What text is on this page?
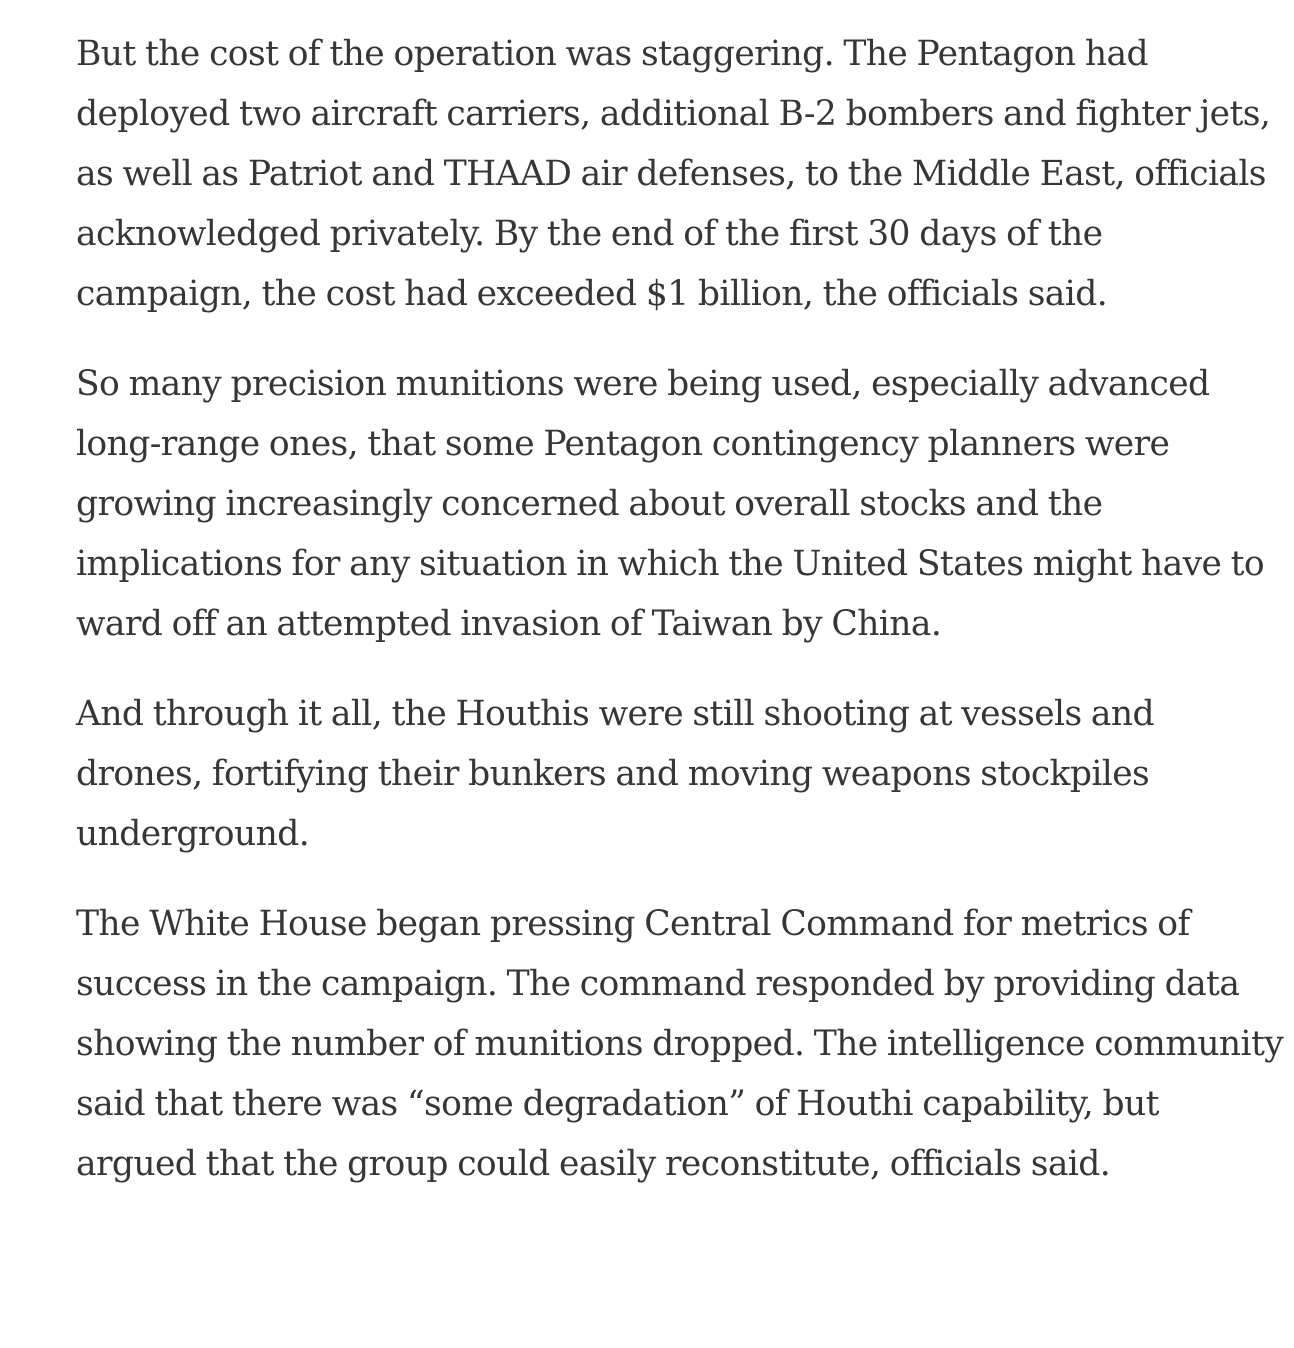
But the cost of the operation was staggering. The Pentagon had deployed two aircraft carriers, additional B-2 bombers and fighter jets, as well as Patriot and THAAD air defenses, to the Middle East, officials acknowledged privately. By the end of the first 30 days of the campaign, the cost had exceeded $1 billion, the officials said.

So many precision munitions were being used, especially advanced long-range ones, that some Pentagon contingency planners were growing increasingly concerned about overall stocks and the implications for any situation in which the United States might have to ward off an attempted invasion of Taiwan by China.

And through it all, the Houthis were still shooting at vessels and drones, fortifying their bunkers and moving weapons stockpiles underground.

The White House began pressing Central Command for metrics of success in the campaign. The command responded by providing data showing the number of munitions dropped. The intelligence community said that there was “some degradation” of Houthi capability, but argued that the group could easily reconstitute, officials said.
